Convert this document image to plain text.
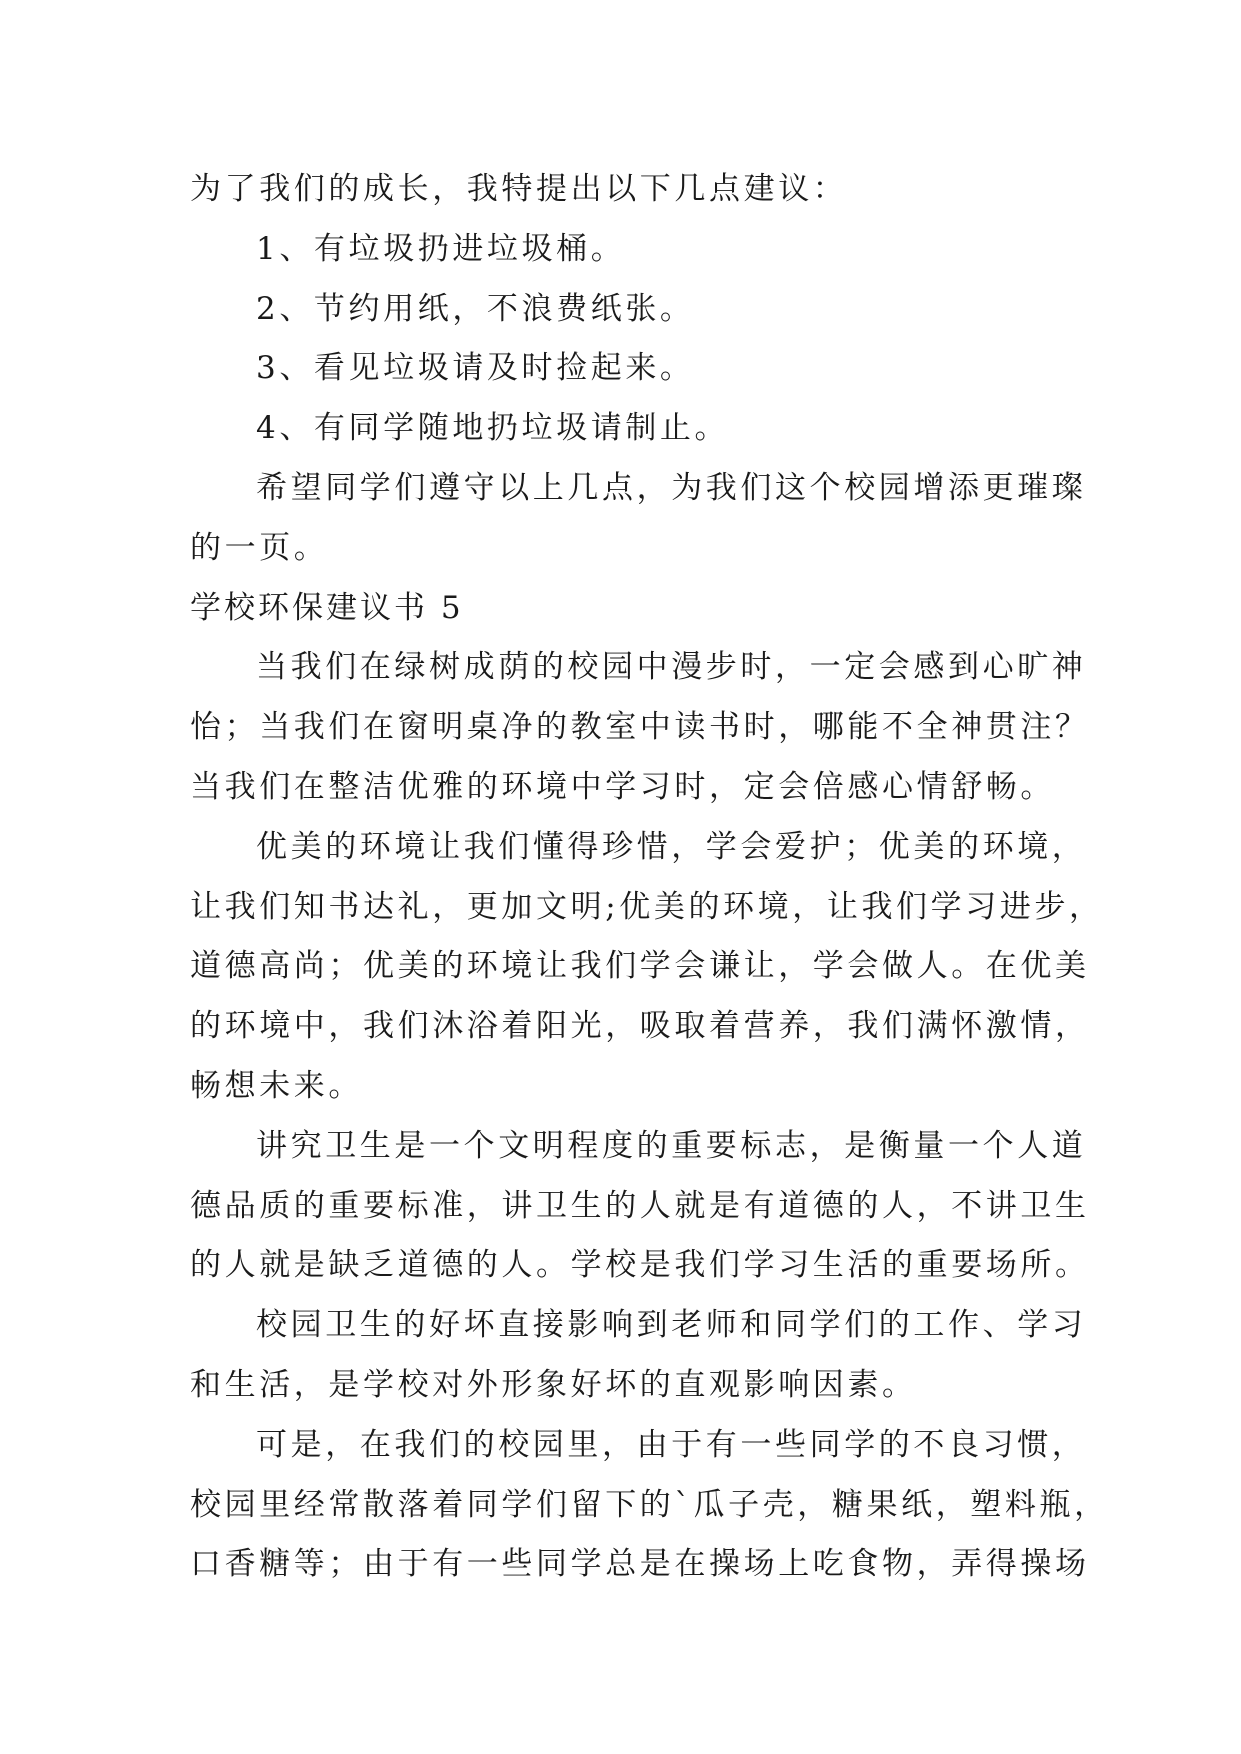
为了我们的成长，我特提出以下几点建议：
1、有垃圾扔进垃圾桶。
2、节约用纸，不浪费纸张。
3、看见垃圾请及时捡起来。
4、有同学随地扔垃圾请制止。
希望同学们遵守以上几点，为我们这个校园增添更璀璨
的一页。
学校环保建议书 5
当我们在绿树成荫的校园中漫步时，一定会感到心旷神
怡；当我们在窗明桌净的教室中读书时，哪能不全神贯注？
当我们在整洁优雅的环境中学习时，定会倍感心情舒畅。
优美的环境让我们懂得珍惜，学会爱护；优美的环境，
让我们知书达礼，更加文明;优美的环境，让我们学习进步，
道德高尚；优美的环境让我们学会谦让，学会做人。在优美
的环境中，我们沐浴着阳光，吸取着营养，我们满怀激情，
畅想未来。
讲究卫生是一个文明程度的重要标志，是衡量一个人道
德品质的重要标准，讲卫生的人就是有道德的人，不讲卫生
的人就是缺乏道德的人。学校是我们学习生活的重要场所。
校园卫生的好坏直接影响到老师和同学们的工作、学习
和生活，是学校对外形象好坏的直观影响因素。
可是，在我们的校园里，由于有一些同学的不良习惯，
校园里经常散落着同学们留下的`瓜子壳，糖果纸，塑料瓶，
口香糖等；由于有一些同学总是在操场上吃食物，弄得操场
